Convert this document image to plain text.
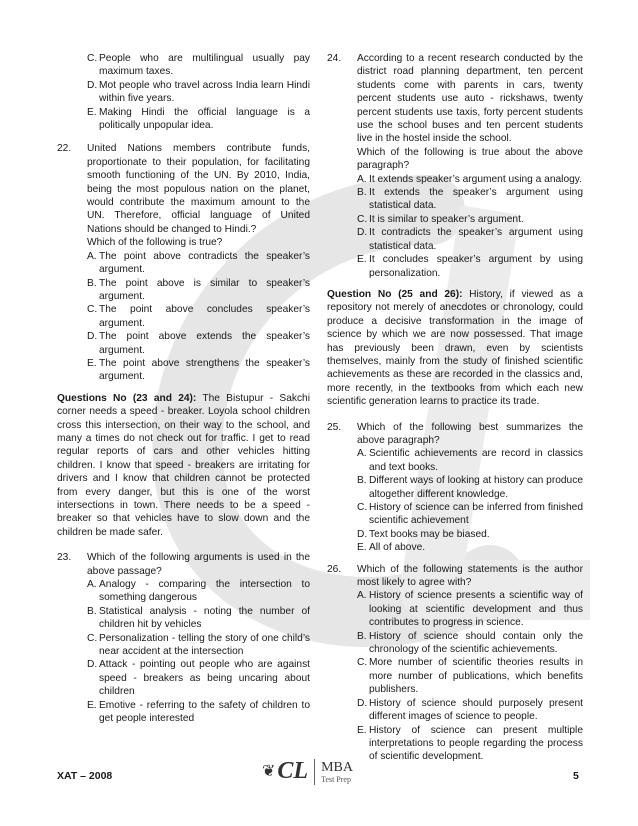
C. People who are multilingual usually pay maximum taxes.
D. Mot people who travel across India learn Hindi within five years.
E. Making Hindi the official language is a politically unpopular idea.
22.	United Nations members contribute funds, proportionate to their population, for facilitating smooth functioning of the UN. By 2010, India, being the most populous nation on the planet, would contribute the maximum amount to the UN. Therefore, official language of United Nations should be changed to Hindi.?
Which of the following is true?
A. The point above contradicts the speaker’s argument.
B. The point above is similar to speaker’s argument.
C. The point above concludes speaker’s argument.
D. The point above extends the speaker’s argument.
E. The point above strengthens the speaker’s argument.
Questions No (23 and 24): The Bistupur - Sakchi corner needs a speed - breaker. Loyola school children cross this intersection, on their way to the school, and many a times do not check out for traffic. I get to read regular reports of cars and other vehicles hitting children. I know that speed - breakers are irritating for drivers and I know that children cannot be protected from every danger, but this is one of the worst intersections in town. There needs to be a speed - breaker so that vehicles have to slow down and the children be made safer.
23.	Which of the following arguments is used in the above passage?
A. Analogy - comparing the intersection to something dangerous
B. Statistical analysis - noting the number of children hit by vehicles
C. Personalization - telling the story of one child’s near accident at the intersection
D. Attack - pointing out people who are against speed - breakers as being uncaring about children
E. Emotive - referring to the safety of children to get people interested
24.	According to a recent research conducted by the district road planning department, ten percent students come with parents in cars, twenty percent students use auto - rickshaws, twenty percent students use taxis, forty percent students use the school buses and ten percent students live in the hostel inside the school.
Which of the following is true about the above paragraph?
A. It extends speaker’s argument using a analogy.
B. It extends the speaker’s argument using statistical data.
C. It is similar to speaker’s argument.
D. It contradicts the speaker’s argument using statistical data.
E. It concludes speaker’s argument by using personalization.
Question No (25 and 26): History, if viewed as a repository not merely of anecdotes or chronology, could produce a decisive transformation in the image of science by which we are now possessed. That image has previously been drawn, even by scientists themselves, mainly from the study of finished scientific achievements as these are recorded in the classics and, more recently, in the textbooks from which each new scientific generation learns to practice its trade.
25.	Which of the following best summarizes the above paragraph?
A. Scientific achievements are record in classics and text books.
B. Different ways of looking at history can produce altogether different knowledge.
C. History of science can be inferred from finished scientific achievement
D. Text books may be biased.
E. All of above.
26.	Which of the following statements is the author most likely to agree with?
A. History of science presents a scientific way of looking at scientific development and thus contributes to progress in science.
B. History of science should contain only the chronology of the scientific achievements.
C. More number of scientific theories results in more number of publications, which benefits publishers.
D. History of science should purposely present different images of science to people.
E. History of science can present multiple interpretations to people regarding the process of scientific development.
XAT – 2008	❦ CL MBA
Test Prep	5
